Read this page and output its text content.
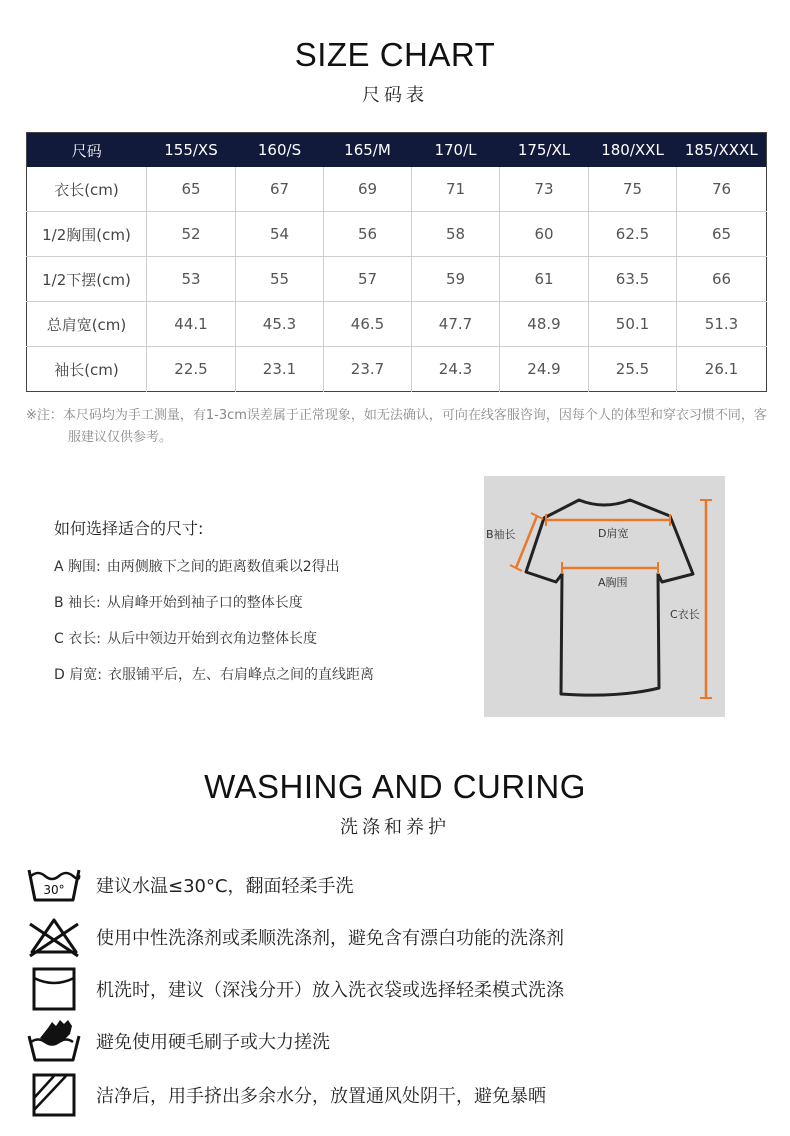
SIZE CHART
尺码表
尺码	155/XS	160/S	165/M	170/L	175/XL	180/XXL	185/XXXL
衣长(cm)	65	67	69	71	73	75	76
1/2胸围(cm)	52	54	56	58	60	62.5	65
1/2下摆(cm)	53	55	57	59	61	63.5	66
总肩宽(cm)	44.1	45.3	46.5	47.7	48.9	50.1	51.3
袖长(cm)	22.5	23.1	23.7	24.3	24.9	25.5	26.1
※注：本尺码均为手工测量，有1-3cm误差属于正常现象，如无法确认，可向在线客服咨询，因每个人的体型和穿衣习惯不同，客服建议仅供参考。
如何选择适合的尺寸:
A 胸围: 由两侧腋下之间的距离数值乘以2得出
B 袖长: 从肩峰开始到袖子口的整体长度
C 衣长: 从后中领边开始到衣角边整体长度
D 肩宽: 衣服铺平后，左、右肩峰点之间的直线距离
D肩宽
A胸围
B袖长
C衣长
WASHING AND CURING
洗涤和养护
30° 建议水温≤30°C，翻面轻柔手洗
使用中性洗涤剂或柔顺洗涤剂，避免含有漂白功能的洗涤剂
机洗时，建议（深浅分开）放入洗衣袋或选择轻柔模式洗涤
避免使用硬毛刷子或大力搓洗
洁净后，用手挤出多余水分，放置通风处阴干，避免暴晒
